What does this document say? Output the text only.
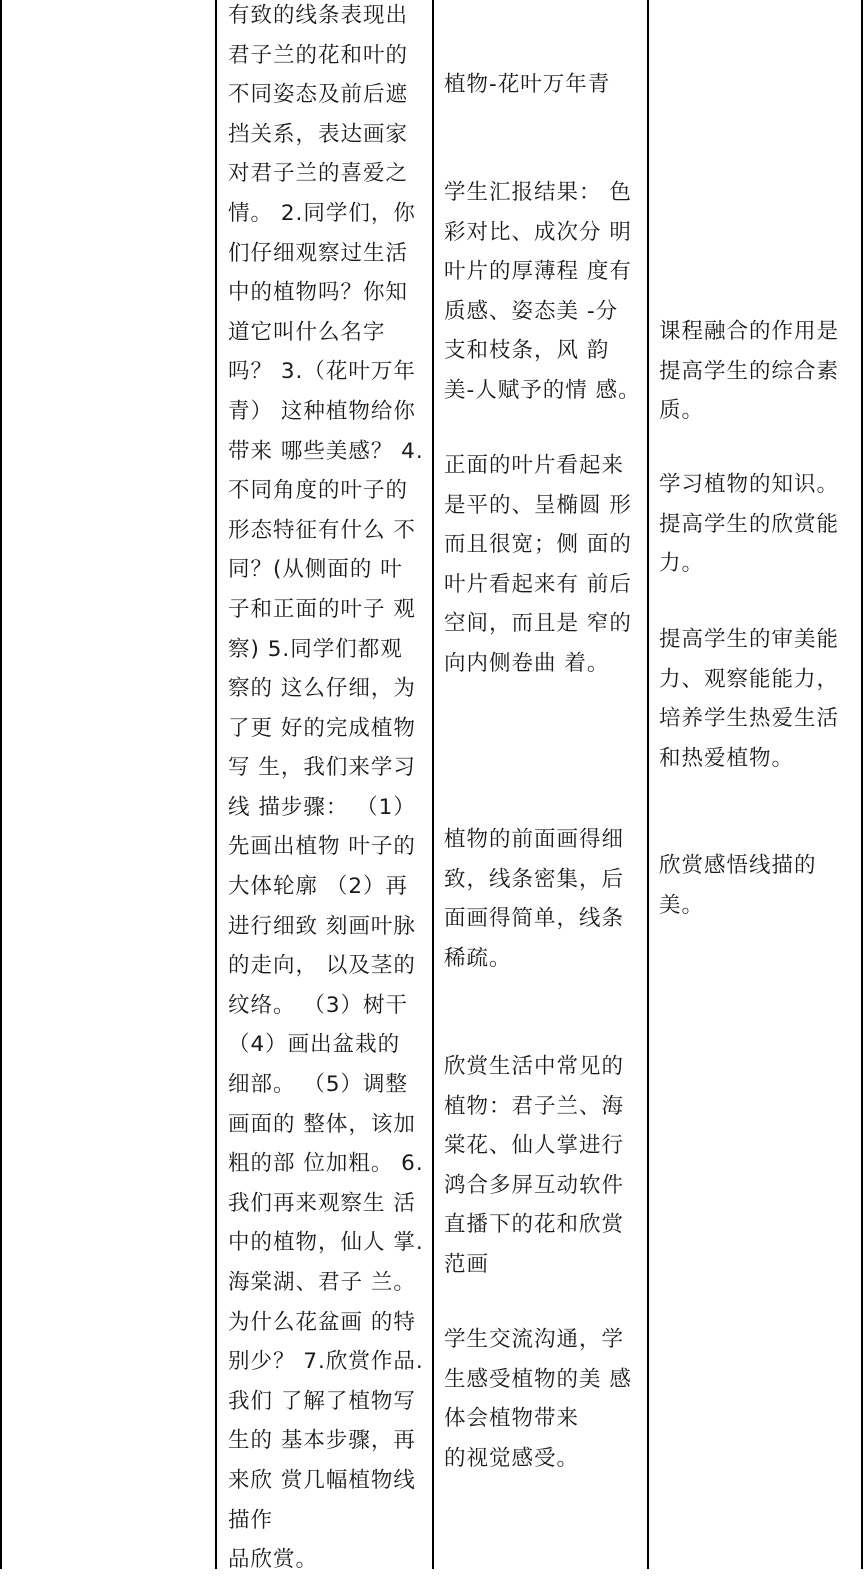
有致的线条表现出
君子兰的花和叶的
不同姿态及前后遮
挡关系，表达画家
对君子兰的喜爱之
情。 2.同学们，你
们仔细观察过生活
中的植物吗？你知
道它叫什么名字
吗？ 3.（花叶万年
青） 这种植物给你
带来 哪些美感？ 4.
不同角度的叶子的
形态特征有什么 不
同？(从侧面的 叶
子和正面的叶子 观
察) 5.同学们都观
察的 这么仔细，为
了更 好的完成植物
写 生，我们来学习
线 描步骤： （1）
先画出植物 叶子的
大体轮廓 （2）再
进行细致 刻画叶脉
的走向， 以及茎的
纹络。 （3）树干
（4）画出盆栽的
细部。 （5）调整
画面的 整体，该加
粗的部 位加粗。 6.
我们再来观察生 活
中的植物，仙人 掌.
海棠湖、君子 兰。
为什么花盆画 的特
别少？ 7.欣赏作品.
我们 了解了植物写
生的 基本步骤，再
来欣 赏几幅植物线
描作
品欣赏。
植物-花叶万年青
学生汇报结果： 色
彩对比、成次分 明
叶片的厚薄程 度有
质感、姿态美 -分
支和枝条，风 韵
美-人赋予的情 感。
正面的叶片看起来
是平的、呈椭圆 形
而且很宽；侧 面的
叶片看起来有 前后
空间，而且是 窄的
向内侧卷曲 着。
植物的前面画得细
致，线条密集，后
面画得简单，线条
稀疏。
欣赏生活中常见的
植物：君子兰、海
棠花、仙人掌进行
鸿合多屏互动软件
直播下的花和欣赏
范画
学生交流沟通，学
生感受植物的美 感
体会植物带来
的视觉感受。
课程融合的作用是
提高学生的综合素
质。
学习植物的知识。
提高学生的欣赏能
力。
提高学生的审美能
力、观察能能力，
培养学生热爱生活
和热爱植物。
欣赏感悟线描的
美。
